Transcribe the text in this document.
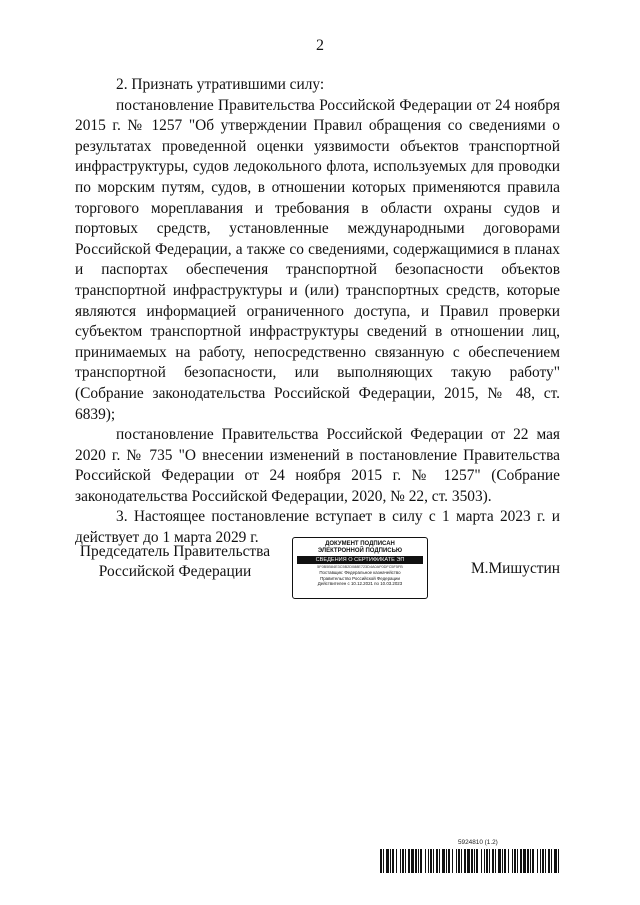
2

2. Признать утратившими силу:

постановление Правительства Российской Федерации от 24 ноября 2015 г. № 1257 "Об утверждении Правил обращения со сведениями о результатах проведенной оценки уязвимости объектов транспортной инфраструктуры, судов ледокольного флота, используемых для проводки по морским путям, судов, в отношении которых применяются правила торгового мореплавания и требования в области охраны судов и портовых средств, установленные международными договорами Российской Федерации, а также со сведениями, содержащимися в планах и паспортах обеспечения транспортной безопасности объектов транспортной инфраструктуры и (или) транспортных средств, которые являются информацией ограниченного доступа, и Правил проверки субъектом транспортной инфраструктуры сведений в отношении лиц, принимаемых на работу, непосредственно связанную с обеспечением транспортной безопасности, или выполняющих такую работу" (Собрание законодательства Российской Федерации, 2015, № 48, ст. 6839);

постановление Правительства Российской Федерации от 22 мая 2020 г. № 735 "О внесении изменений в постановление Правительства Российской Федерации от 24 ноября 2015 г. № 1257" (Собрание законодательства Российской Федерации, 2020, № 22, ст. 3503).

3. Настоящее постановление вступает в силу с 1 марта 2023 г. и действует до 1 марта 2029 г.

Председатель Правительства
Российской Федерации
ДОКУМЕНТ ПОДПИСАН
ЭЛЕКТРОННОЙ ПОДПИСЬЮ
СВЕДЕНИЯ О СЕРТИФИКАТЕ ЭП
5F0B5B84E3C5B2D088E723D4A0AF0DFC5F5FB
Поставщик: Федеральное казначейство
Правительство Российской Федерации
Действителен с 10.12.2021 по 10.03.2023
М.Мишустин
5924810 (1.2)
